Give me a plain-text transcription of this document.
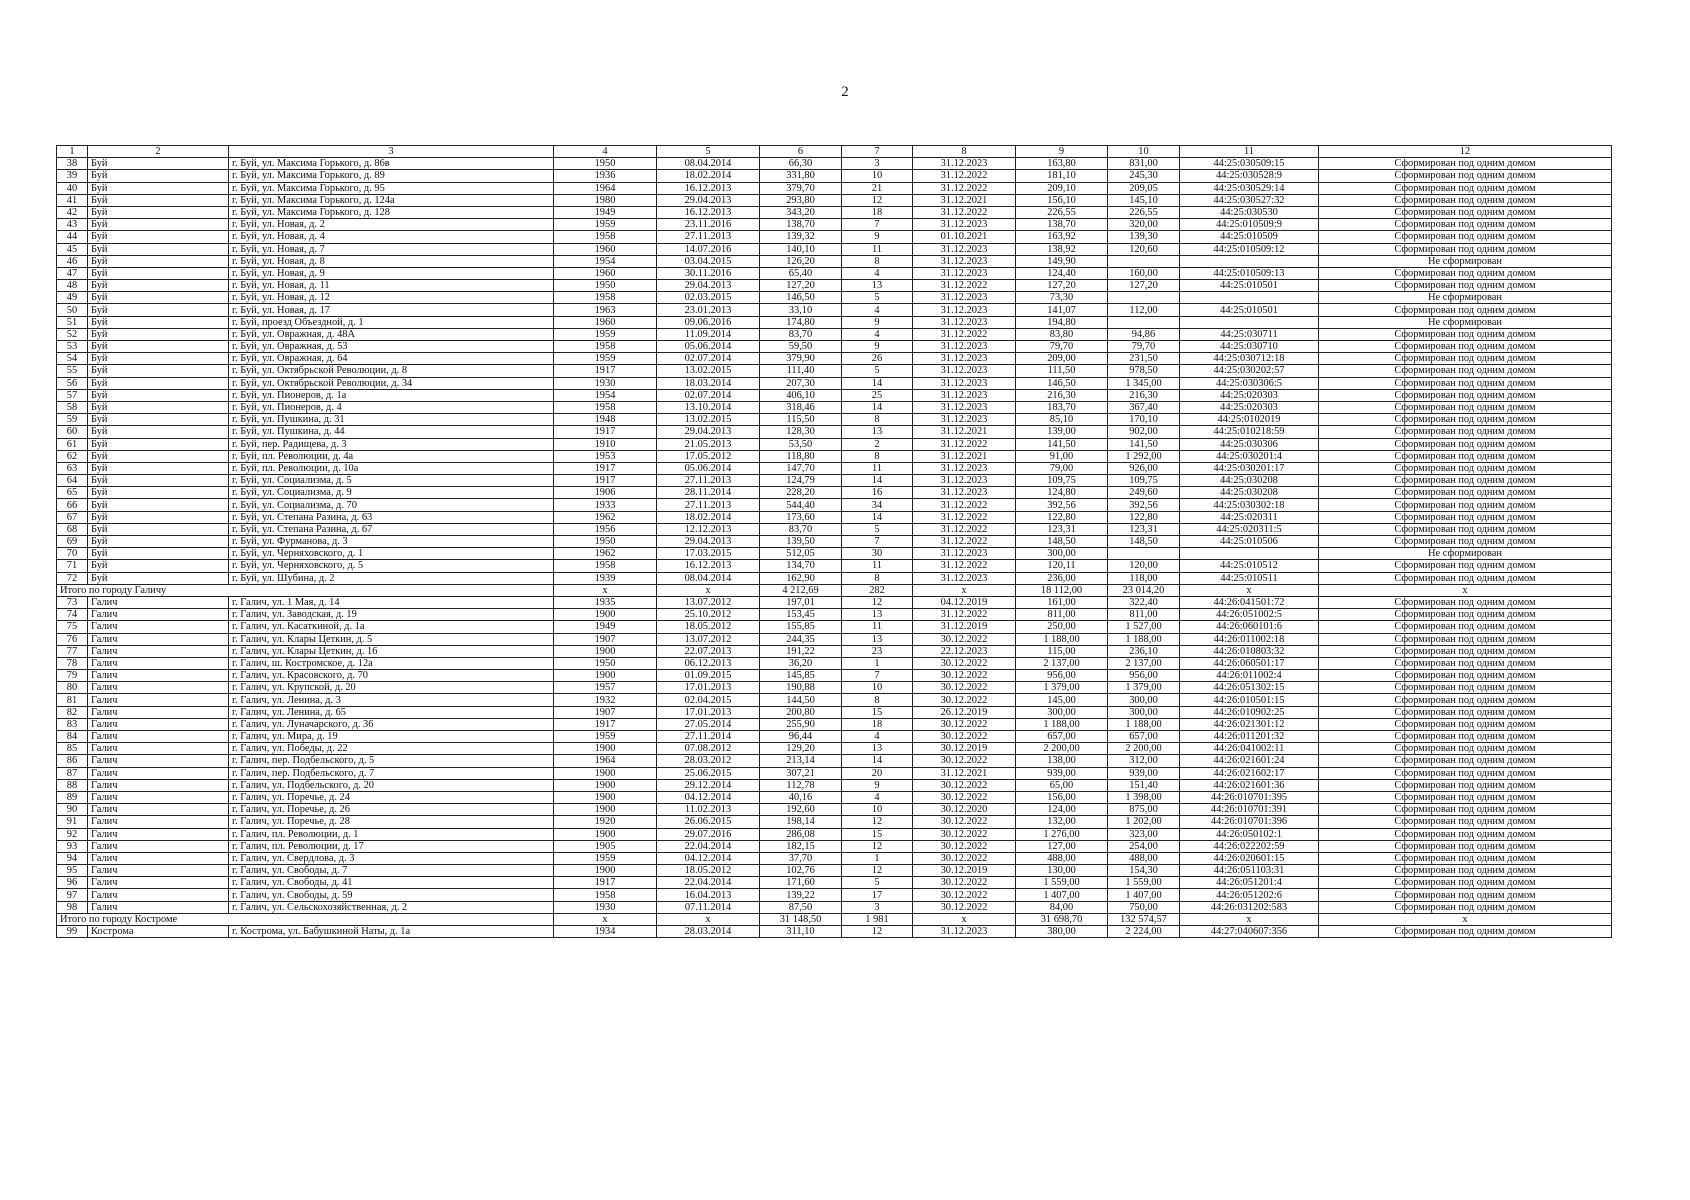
2
1	2	3	4	5	6	7	8	9	10	11	12
38	Буй	г. Буй, ул. Максима Горького, д. 86в	1950	08.04.2014	66,30	3	31.12.2023	163,80	831,00	44:25:030509:15	Сформирован под одним домом
39	Буй	г. Буй, ул. Максима Горького, д. 89	1936	18.02.2014	331,80	10	31.12.2022	181,10	245,30	44:25:030528:9	Сформирован под одним домом
40	Буй	г. Буй, ул. Максима Горького, д. 95	1964	16.12.2013	379,70	21	31.12.2022	209,10	209,05	44:25:030529:14	Сформирован под одним домом
41	Буй	г. Буй, ул. Максима Горького, д. 124а	1980	29.04.2013	293,80	12	31.12.2021	156,10	145,10	44:25:030527:32	Сформирован под одним домом
42	Буй	г. Буй, ул. Максима Горького, д. 128	1949	16.12.2013	343,20	18	31.12.2022	226,55	226,55	44:25:030530	Сформирован под одним домом
43	Буй	г. Буй, ул. Новая, д. 2	1959	23.11.2016	138,70	7	31.12.2023	138,70	320,00	44:25:010509:9	Сформирован под одним домом
44	Буй	г. Буй, ул. Новая, д. 4	1958	27.11.2013	139,32	9	01.10.2021	163,92	139,30	44:25:010509	Сформирован под одним домом
45	Буй	г. Буй, ул. Новая, д. 7	1960	14.07.2016	140,10	11	31.12.2023	138,92	120,60	44:25:010509:12	Сформирован под одним домом
46	Буй	г. Буй, ул. Новая, д. 8	1954	03.04.2015	126,20	8	31.12.2023	149,90			Не сформирован
47	Буй	г. Буй, ул. Новая, д. 9	1960	30.11.2016	65,40	4	31.12.2023	124,40	160,00	44:25:010509:13	Сформирован под одним домом
48	Буй	г. Буй, ул. Новая, д. 11	1950	29.04.2013	127,20	13	31.12.2022	127,20	127,20	44:25:010501	Сформирован под одним домом
49	Буй	г. Буй, ул. Новая, д. 12	1958	02.03.2015	146,50	5	31.12.2023	73,30			Не сформирован
50	Буй	г. Буй, ул. Новая, д. 17	1963	23.01.2013	33,10	4	31.12.2023	141,07	112,00	44:25:010501	Сформирован под одним домом
51	Буй	г. Буй, проезд Объездной, д. 1	1960	09.06.2016	174,80	9	31.12.2023	194,80			Не сформирован
52	Буй	г. Буй, ул. Овражная, д. 48А	1959	11.09.2014	83,70	4	31.12.2022	83,80	94,86	44:25:030711	Сформирован под одним домом
53	Буй	г. Буй, ул. Овражная, д. 53	1958	05.06.2014	59,50	9	31.12.2023	79,70	79,70	44:25:030710	Сформирован под одним домом
54	Буй	г. Буй, ул. Овражная, д. 64	1959	02.07.2014	379,90	26	31.12.2023	209,00	231,50	44:25:030712:18	Сформирован под одним домом
55	Буй	г. Буй, ул. Октябрьской Революции, д. 8	1917	13.02.2015	111,40	5	31.12.2023	111,50	978,50	44:25:030202:57	Сформирован под одним домом
56	Буй	г. Буй, ул. Октябрьской Революции, д. 34	1930	18.03.2014	207,30	14	31.12.2023	146,50	1 345,00	44:25:030306:5	Сформирован под одним домом
57	Буй	г. Буй, ул. Пионеров, д. 1а	1954	02.07.2014	406,10	25	31.12.2023	216,30	216,30	44:25:020303	Сформирован под одним домом
58	Буй	г. Буй, ул. Пионеров, д. 4	1958	13.10.2014	318,46	14	31.12.2023	183,70	367,40	44:25:020303	Сформирован под одним домом
59	Буй	г. Буй, ул. Пушкина, д. 31	1948	13.02.2015	115,50	8	31.12.2023	85,10	170,10	44:25:0102019	Сформирован под одним домом
60	Буй	г. Буй, ул. Пушкина, д. 44	1917	29.04.2013	128,30	13	31.12.2021	139,00	902,00	44:25:010218:59	Сформирован под одним домом
61	Буй	г. Буй, пер. Радищева, д. 3	1910	21.05.2013	53,50	2	31.12.2022	141,50	141,50	44:25:030306	Сформирован под одним домом
62	Буй	г. Буй, пл. Революции, д. 4а	1953	17.05.2012	118,80	8	31.12.2021	91,00	1 292,00	44:25:030201:4	Сформирован под одним домом
63	Буй	г. Буй, пл. Революции, д. 10а	1917	05.06.2014	147,70	11	31.12.2023	79,00	926,00	44:25:030201:17	Сформирован под одним домом
64	Буй	г. Буй, ул. Социализма, д. 5	1917	27.11.2013	124,79	14	31.12.2023	109,75	109,75	44:25:030208	Сформирован под одним домом
65	Буй	г. Буй, ул. Социализма, д. 9	1906	28.11.2014	228,20	16	31.12.2023	124,80	249,60	44:25:030208	Сформирован под одним домом
66	Буй	г. Буй, ул. Социализма, д. 70	1933	27.11.2013	544,40	34	31.12.2022	392,56	392,56	44:25:030302:18	Сформирован под одним домом
67	Буй	г. Буй, ул. Степана Разина, д. 63	1962	18.02.2014	173,60	14	31.12.2022	122,80	122,80	44:25:020311	Сформирован под одним домом
68	Буй	г. Буй, ул. Степана Разина, д. 67	1956	12.12.2013	83,70	5	31.12.2022	123,31	123,31	44:25:020311:5	Сформирован под одним домом
69	Буй	г. Буй, ул. Фурманова, д. 3	1950	29.04.2013	139,50	7	31.12.2022	148,50	148,50	44:25:010506	Сформирован под одним домом
70	Буй	г. Буй, ул. Черняховского, д. 1	1962	17.03.2015	512,05	30	31.12.2023	300,00			Не сформирован
71	Буй	г. Буй, ул. Черняховского, д. 5	1958	16.12.2013	134,70	11	31.12.2022	120,11	120,00	44:25:010512	Сформирован под одним домом
72	Буй	г. Буй, ул. Шубина, д. 2	1939	08.04.2014	162,90	8	31.12.2023	236,00	118,00	44:25:010511	Сформирован под одним домом
Итого по городу Галичу			x	x	4 212,69	282	x	18 112,00	23 014,20	x	x
73	Галич	г. Галич, ул. 1 Мая, д. 14	1935	13.07.2012	197,01	12	04.12.2019	161,00	322,40	44:26:041501:72	Сформирован под одним домом
74	Галич	г. Галич, ул. Заводская, д. 19	1900	25.10.2012	153,45	13	31.12.2022	811,00	811,00	44:26:051002:5	Сформирован под одним домом
75	Галич	г. Галич, ул. Касаткиной, д. 1а	1949	18.05.2012	155,85	11	31.12.2019	250,00	1 527,00	44:26:060101:6	Сформирован под одним домом
76	Галич	г. Галич, ул. Клары Цеткин, д. 5	1907	13.07.2012	244,35	13	30.12.2022	1 188,00	1 188,00	44:26:011002:18	Сформирован под одним домом
77	Галич	г. Галич, ул. Клары Цеткин, д. 16	1900	22.07.2013	191,22	23	22.12.2023	115,00	236,10	44:26:010803:32	Сформирован под одним домом
78	Галич	г. Галич, ш. Костромское, д. 12а	1950	06.12.2013	36,20	1	30.12.2022	2 137,00	2 137,00	44:26:060501:17	Сформирован под одним домом
79	Галич	г. Галич, ул. Красовского, д. 70	1900	01.09.2015	145,85	7	30.12.2022	956,00	956,00	44:26:011002:4	Сформирован под одним домом
80	Галич	г. Галич, ул. Крупской, д. 20	1957	17.01.2013	190,88	10	30.12.2022	1 379,00	1 379,00	44:26:051302:15	Сформирован под одним домом
81	Галич	г. Галич, ул. Ленина, д. 3	1932	02.04.2015	144,50	8	30.12.2022	145,00	300,00	44:26:010501:15	Сформирован под одним домом
82	Галич	г. Галич, ул. Ленина, д. 65	1907	17.01.2013	200,80	15	26.12.2019	300,00	300,00	44:26:010902:25	Сформирован под одним домом
83	Галич	г. Галич, ул. Луначарского, д. 36	1917	27.05.2014	255,90	18	30.12.2022	1 188,00	1 188,00	44:26:021301:12	Сформирован под одним домом
84	Галич	г. Галич, ул. Мира, д. 19	1959	27.11.2014	96,44	4	30.12.2022	657,00	657,00	44:26:011201:32	Сформирован под одним домом
85	Галич	г. Галич, ул. Победы, д. 22	1900	07.08.2012	129,20	13	30.12.2019	2 200,00	2 200,00	44:26:041002:11	Сформирован под одним домом
86	Галич	г. Галич, пер. Подбельского, д. 5	1964	28.03.2012	213,14	14	30.12.2022	138,00	312,00	44:26:021601:24	Сформирован под одним домом
87	Галич	г. Галич, пер. Подбельского, д. 7	1900	25.06.2015	307,21	20	31.12.2021	939,00	939,00	44:26:021602:17	Сформирован под одним домом
88	Галич	г. Галич, ул. Подбельского, д. 20	1900	29.12.2014	112,78	9	30.12.2022	65,00	151,40	44:26:021601:36	Сформирован под одним домом
89	Галич	г. Галич, ул. Поречье, д. 24	1900	04.12.2014	40,16	4	30.12.2022	156,00	1 398,00	44:26:010701:395	Сформирован под одним домом
90	Галич	г. Галич, ул. Поречье, д. 26	1900	11.02.2013	192,60	10	30.12.2020	124,00	875,00	44:26:010701:391	Сформирован под одним домом
91	Галич	г. Галич, ул. Поречье, д. 28	1920	26.06.2015	198,14	12	30.12.2022	132,00	1 202,00	44:26:010701:396	Сформирован под одним домом
92	Галич	г. Галич, пл. Революции, д. 1	1900	29.07.2016	286,08	15	30.12.2022	1 276,00	323,00	44:26:050102:1	Сформирован под одним домом
93	Галич	г. Галич, пл. Революции, д. 17	1905	22.04.2014	182,15	12	30.12.2022	127,00	254,00	44:26:022202:59	Сформирован под одним домом
94	Галич	г. Галич, ул. Свердлова, д. 3	1959	04.12.2014	37,70	1	30.12.2022	488,00	488,00	44:26:020601:15	Сформирован под одним домом
95	Галич	г. Галич, ул. Свободы, д. 7	1900	18.05.2012	102,76	12	30.12.2019	130,00	154,30	44:26:051103:31	Сформирован под одним домом
96	Галич	г. Галич, ул. Свободы, д. 41	1917	22.04.2014	171,60	5	30.12.2022	1 559,00	1 559,00	44:26:051201:4	Сформирован под одним домом
97	Галич	г. Галич, ул. Свободы, д. 59	1958	16.04.2013	139,22	17	30.12.2022	1 407,00	1 407,00	44:26:051202:6	Сформирован под одним домом
98	Галич	г. Галич, ул. Сельскохозяйственная, д. 2	1930	07.11.2014	87,50	3	30.12.2022	84,00	750,00	44:26:031202:583	Сформирован под одним домом
Итого по городу Костроме			x	x	31 148,50	1 981	x	31 698,70	132 574,57	x	x
99	Кострома	г. Кострома, ул. Бабушкиной Наты, д. 1а	1934	28.03.2014	311,10	12	31.12.2023	380,00	2 224,00	44:27:040607:356	Сформирован под одним домом
